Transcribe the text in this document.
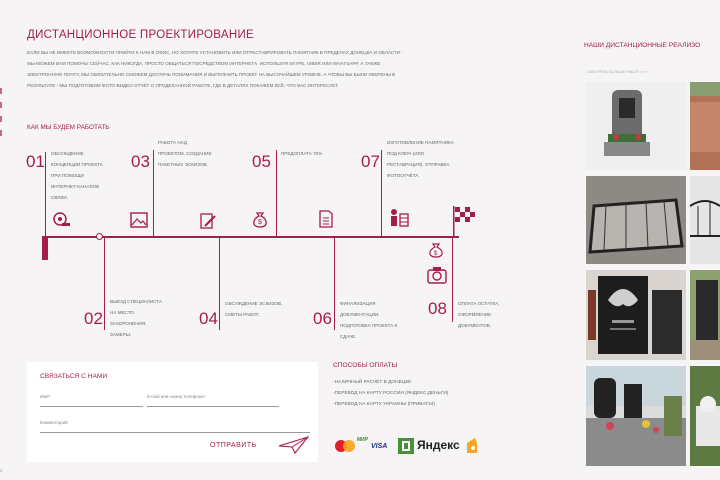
ДИСТАНЦИОННОЕ ПРОЕКТИРОВАНИЕ
ЕСЛИ ВЫ НЕ ИМЕЕТЕ ВОЗМОЖНОСТИ ПРИЙТИ К НАМ В ОФИС, НО ХОТИТЕ УСТАНОВИТЬ ИЛИ ОТРЕСТАВРИРОВАТЬ ПАМЯТНИК В ПРЕДЕЛАХ ДОНЕЦКА И ОБЛАСТИ -
МЫ МОЖЕМ ВАМ ПОМОЧЬ! СЕЙЧАС, КАК НИКОГДА, ПРОСТО ОБЩАТЬСЯ ПОСРЕДСТВОМ ИНТЕРНЕТА. ИСПОЛЬЗУЯ SKYPE, VIBER ИЛИ WHATSAPP, А ТАКЖЕ
ЭЛЕКТРОННУЮ ПОЧТУ, МЫ ОБЯЗАТЕЛЬНО СМОЖЕМ ДОСТИЧЬ ПОНИМАНИЯ И ВЫПОЛНИТЬ ПРОЕКТ НА ВЫСОЧАЙШЕМ УРОВНЕ. А ЧТОБЫ ВЫ БЫЛИ УВЕРЕНЫ В
РЕЗУЛЬТАТЕ - МЫ ПОДГОТОВИМ ФОТО-ВИДЕО ОТЧЁТ О ПРОДЕЛАННОЙ РАБОТЕ, ГДЕ В ДЕТАЛЯХ ПОКАЖЕМ ВСЁ, ЧТО ВАС ИНТЕРЕСУЕТ.
КАК МЫ БУДЕМ РАБОТАТЬ
01 ОБСУЖДЕНИЕ КОНЦЕПЦИИ ПРОЕКТА ПРИ ПОМОЩИ ИНТЕРНЕТ-КАНАЛОВ СВЯЗИ.
02
ВЫЕЗД СПЕЦИАЛИСТА НА МЕСТО ЗАХОРОНЕНИЯ, ЗАМЕРЫ.
03
РАБОТА НАД ПРОЕКТОМ, СОЗДАНИЕ ПАКЕТНЫХ ЭСКИЗОВ.
04
ОБСУЖДЕНИЕ ЭСКИЗОВ, СМЕТЫ РАБОТ.
05 ПРЕДОПЛАТА 70%
$
06
ФИНАЛИЗАЦИЯ ДОКУМЕНТАЦИИ, ПОДГОТОВКА ПРОЕКТА К СДАЧЕ.
07
ИЗГОТОВЛЕНИЕ ПАМЯТНИКА ПОД КЛЮЧ (ИЛИ РЕСТАВРАЦИЯ). ОТПРАВКА ФОТООТЧЁТА.
08 ОПЛАТА ОСТАТКА, ОФОРМЛЕНИЕ ДОКУМЕНТОВ.
$
СВЯЗАТЬСЯ С НАМИ
Имя*	E-mail или номер телефона*
Комментарий
ОТПРАВИТЬ
СПОСОБЫ ОПЛАТЫ
-НАЛИЧНЫЙ РАСЧЁТ В ДОНЕЦКЕ
-ПЕРЕВОД НА КАРТУ РОССИИ (ЯНДЕКС ДЕНЬГИ)
-ПЕРЕВОД НА КАРТУ УКРАИНЫ (ПРИВАТ24)
МИР
VISA Яндекс
НАШИ ДИСТАНЦИОННЫЕ РЕАЛИЗО
СМОТРЕТЬ БОЛЬШЕ РАБОТ >>>
s
